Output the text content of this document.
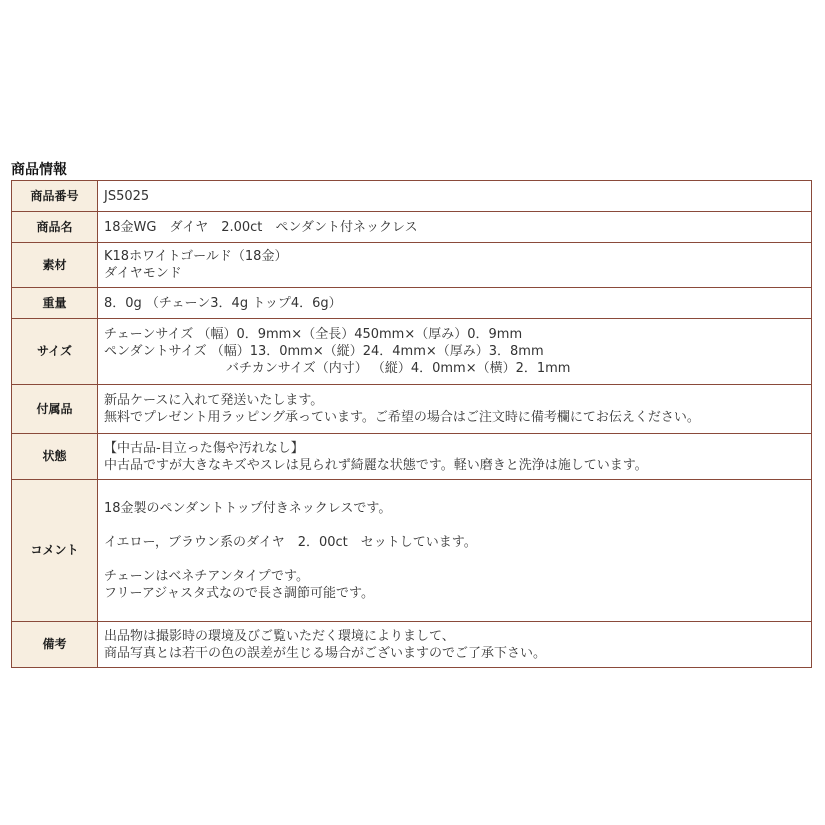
商品情報
商品番号	JS5025

商品名	18金WG　ダイヤ　2.00ct　ペンダント付ネックレス

素材	K18ホワイトゴールド（18金）
ダイヤモンド

重量	8．0g （チェーン3．4g トップ4．6g）

サイズ	チェーンサイズ （幅）0．9mm×（全長）450mm×（厚み）0．9mm
ペンダントサイズ （幅）13．0mm×（縦）24．4mm×（厚み）3．8mm
バチカンサイズ（内寸） （縦）4．0mm×（横）2．1mm

付属品	新品ケースに入れて発送いたします。
無料でプレゼント用ラッピング承っています。ご希望の場合はご注文時に備考欄にてお伝えください。

状態	【中古品‐目立った傷や汚れなし】
中古品ですが大きなキズやスレは見られず綺麗な状態です。軽い磨きと洗浄は施しています。

コメント	18金製のペンダントトップ付きネックレスです。
イエロー，ブラウン系のダイヤ　2．00ct　セットしています。
チェーンはベネチアンタイプです。
フリーアジャスタ式なので長さ調節可能です。

備考	出品物は撮影時の環境及びご覧いただく環境によりまして、
商品写真とは若干の色の誤差が生じる場合がございますのでご了承下さい。
